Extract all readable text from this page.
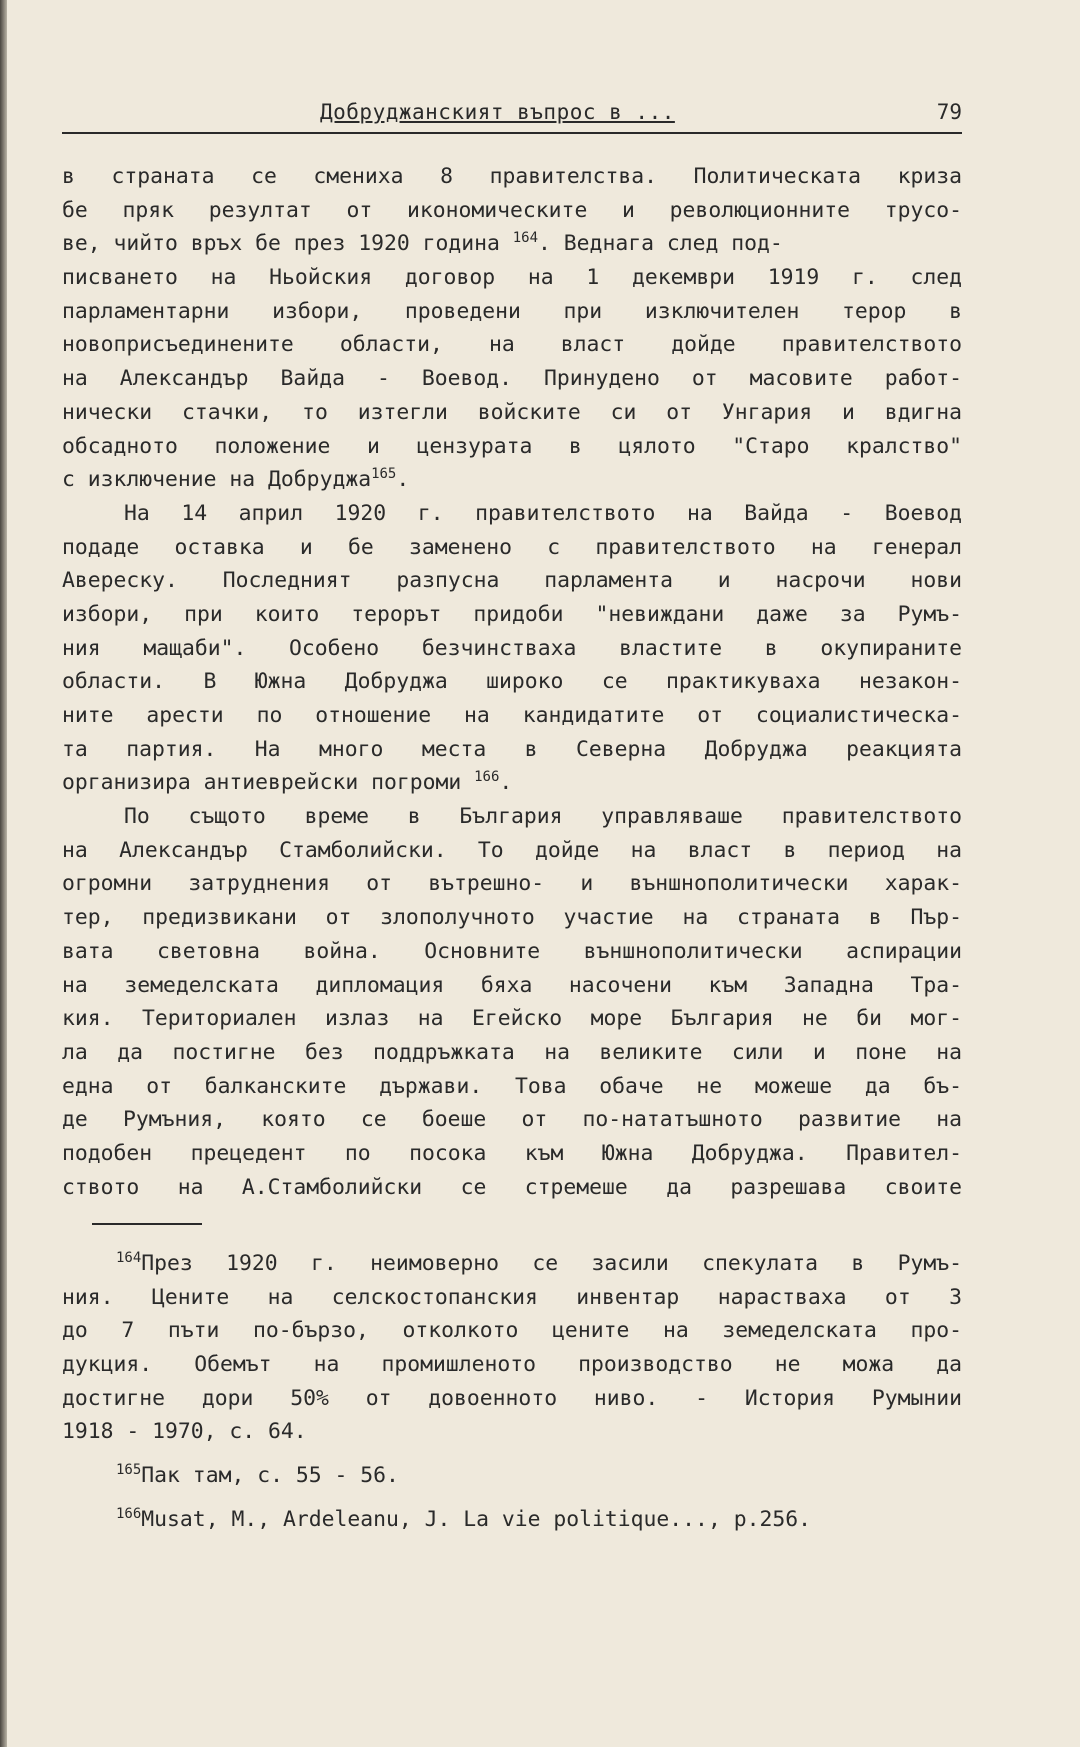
Добруджанският въпрос в ...	79
в страната се смениха 8 правителства. Политическата криза
бе пряк резултат от икономическите и революционните трусо-
ве, чийто връх бе през 1920 година $^{164}$. Веднага след под-
писването на Ньойския договор на 1 декември 1919 г. след
парламентарни избори, проведени при изключителен терор в
новоприсъединените области, на власт дойде правителството
на Александър Вайда - Воевод. Принудено от масовите работ-
нически стачки, то изтегли войските си от Унгария и вдигна
обсадното положение и цензурата в цялото "Старо кралство"
с изключение на Добруджа$^{165}$.
На 14 април 1920 г. правителството на Вайда - Воевод
подаде оставка и бе заменено с правителството на генерал
Авереску. Последният разпусна парламента и насрочи нови
избори, при които терорът придоби "невиждани даже за Румъ-
ния мащаби". Особено безчинстваха властите в окупираните
области. В Южна Добруджа широко се практикуваха незакон-
ните арести по отношение на кандидатите от социалистическа-
та партия. На много места в Северна Добруджа реакцията
организира антиеврейски погроми $^{166}$.
По същото време в България управляваше правителството
на Александър Стамболийски. То дойде на власт в период на
огромни затруднения от вътрешно- и външнополитически харак-
тер, предизвикани от злополучното участие на страната в Пър-
вата световна война. Основните външнополитически аспирации
на земеделската дипломация бяха насочени към Западна Тра-
кия. Териториален излаз на Егейско море България не би мог-
ла да постигне без поддръжката на великите сили и поне на
една от балканските държави. Това обаче не можеше да бъ-
де Румъния, която се боеше от по-нататъшното развитие на
подобен прецедент по посока към Южна Добруджа. Правител-
ството на А.Стамболийски се стремеше да разрешава своите
$^{164}$През 1920 г. неимоверно се засили спекулата в Румъ-
ния. Цените на селскостопанския инвентар нарастваха от 3
до 7 пъти по-бързо, отколкото цените на земеделската про-
дукция. Обемът на промишленото производство не можа да
достигне дори 50% от довоенното ниво. - История Румынии
1918 - 1970, с. 64.
$^{165}$Пак там, с. 55 - 56.
$^{166}$Musat, M., Ardeleanu, J. La vie politique..., p.256.
